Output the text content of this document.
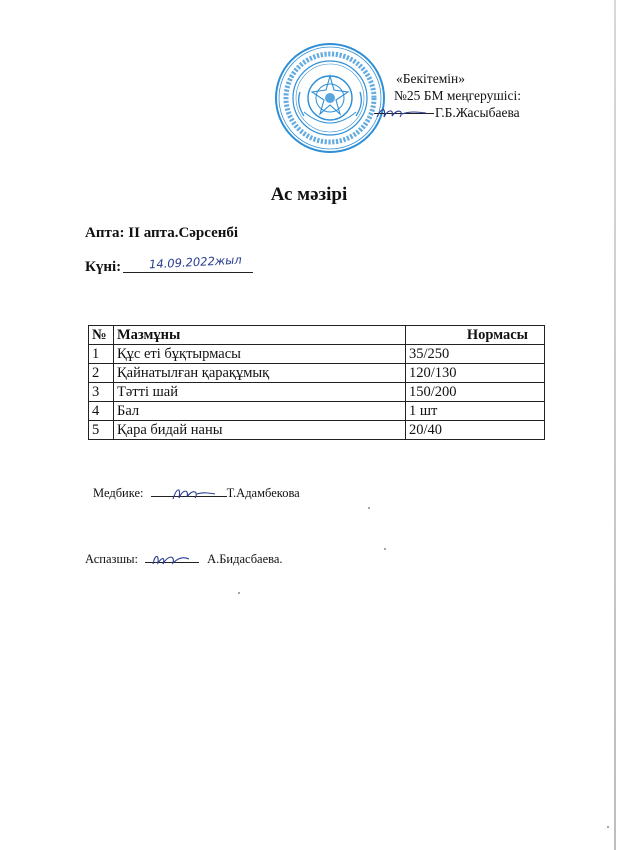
«Бекітемін»
№25 БМ меңгерушісі:
Г.Б.Жасыбаева
Ас мәзірі
Апта: II апта.Сәрсенбі
Күні: 14.09.2022жыл
№	Мазмұны	Нормасы
1	Құс еті бұқтырмасы	35/250
2	Қайнатылған қарақұмық	120/130
3	Тәтті шай	150/200
4	Бал	1 шт
5	Қара бидай наны	20/40
Медбике:	Т.Адамбекова
Аспазшы:	А.Бидасбаева.
